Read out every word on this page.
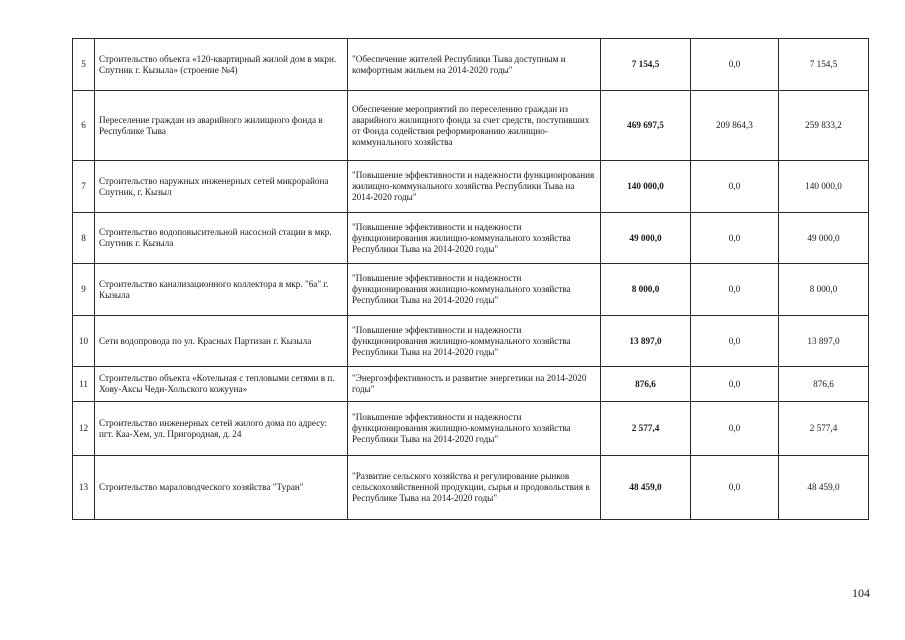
5	Строительство объекта «120-квартирный жилой дом в мкрн. Спутник г. Кызыла» (строение №4)	"Обеспечение жителей Республики Тыва доступным и комфортным жильем на 2014-2020 годы"	7 154,5	0,0	7 154,5
6	Переселение граждан из аварийного жилищного фонда в Республике Тыва	Обеспечение мероприятий по переселению граждан из аварийного жилищного фонда за счет средств, поступивших от Фонда содействия реформированию жилищно-коммунального хозяйства	469 697,5	209 864,3	259 833,2
7	Строительство наружных инженерных сетей микрорайона Спутник, г. Кызыл	"Повышение эффективности и надежности функциоирования жилищно-коммунального хозяйства Республики Тыва на 2014-2020 годы"	140 000,0	0,0	140 000,0
8	Строительство водоповысительной насосной стации в мкр. Спутник г. Кызыла	"Повышение эффективности и надежности функционирования жилищно-коммунального хозяйства Республики Тыва на 2014-2020 годы"	49 000,0	0,0	49 000,0
9	Строительство канализационного коллектора в мкр. "6а" г. Кызыла	"Повышение эффективности и надежности функционирования жилищно-коммунального хозяйства Республики Тыва на 2014-2020 годы"	8 000,0	0,0	8 000,0
10	Сети водопровода по ул. Красных Партизан г. Кызыла	"Повышение эффективности и надежности функционирования жилищно-коммунального хозяйства Республики Тыва на 2014-2020 годы"	13 897,0	0,0	13 897,0
11	Строительство объекта «Котельная с тепловыми сетями в п. Хову-Аксы Чеди-Хольского кожууна»	"Энергоэффективность и развитие энергетики на 2014-2020 годы"	876,6	0,0	876,6
12	Строительство инженерных сетей жилого дома по адресу: пгт. Каа-Хем, ул. Пригородная, д. 24	"Повышение эффективности и надежности функционирования жилищно-коммунального хозяйства Республики Тыва на 2014-2020 годы"	2 577,4	0,0	2 577,4
13	Строительство мараловодческого хозяйства "Туран"	"Развитие сельского хозяйства и регулирование рынков сельскохозяйственной продукции, сырья и продовольствия в Республике Тыва на 2014-2020 годы"	48 459,0	0,0	48 459,0
104
